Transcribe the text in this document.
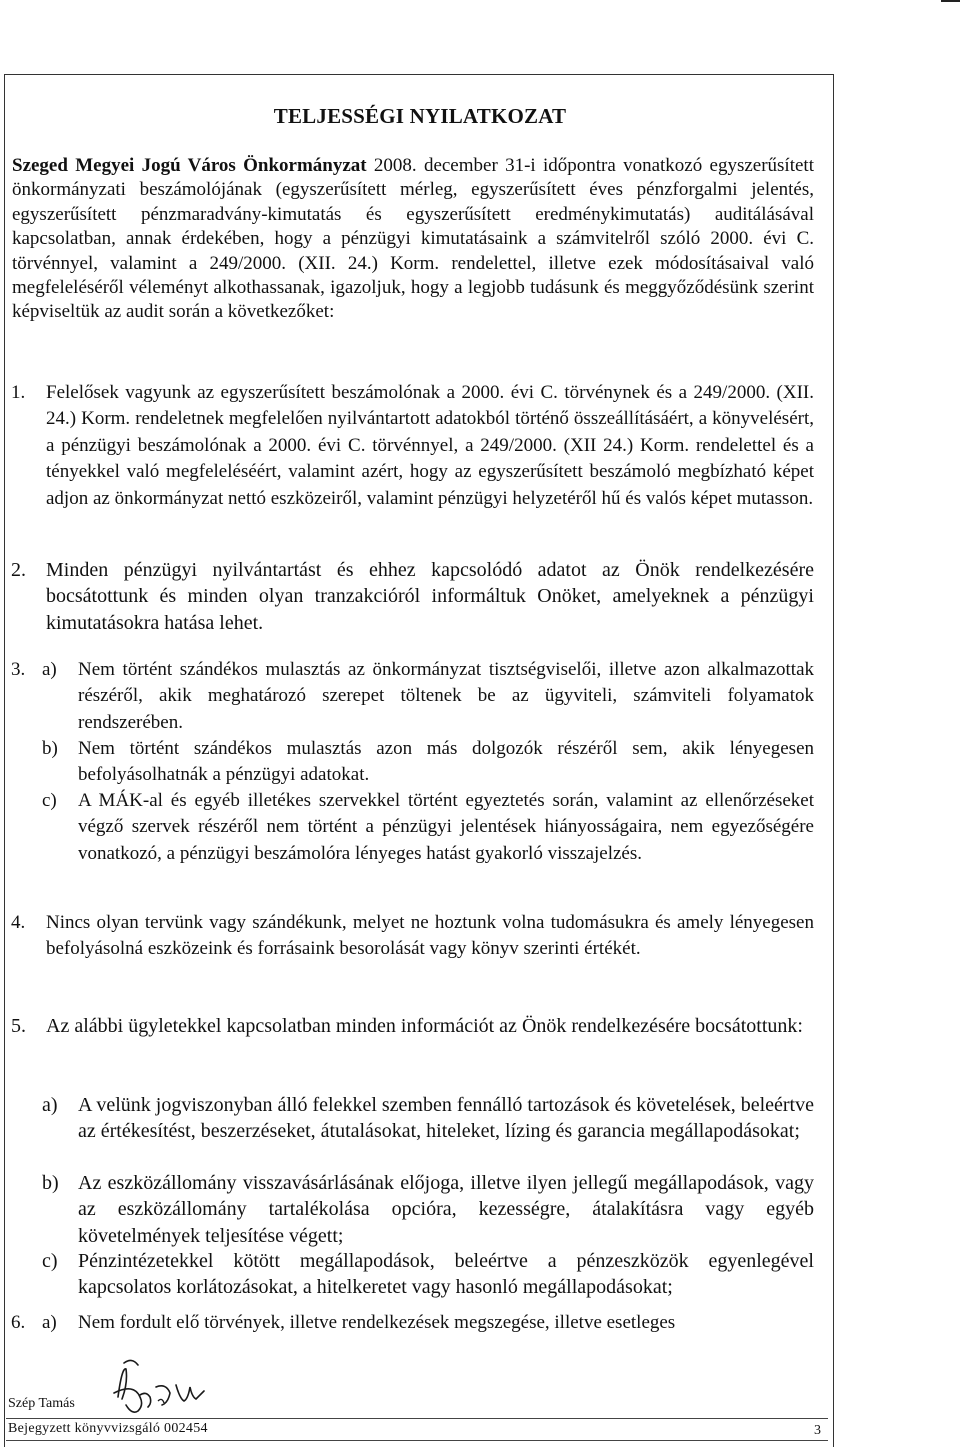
TELJESSÉGI NYILATKOZAT
Szeged Megyei Jogú Város Önkormányzat 2008. december 31-i időpontra vonatkozó egyszerűsített önkormányzati beszámolójának (egyszerűsített mérleg, egyszerűsített éves pénzforgalmi jelentés, egyszerűsített pénzmaradvány-kimutatás és egyszerűsített eredménykimutatás) auditálásával kapcsolatban, annak érdekében, hogy a pénzügyi kimutatásaink a számvitelről szóló 2000. évi C. törvénnyel, valamint a 249/2000. (XII. 24.) Korm. rendelettel, illetve ezek módosításaival való megfeleléséről véleményt alkothassanak, igazoljuk, hogy a legjobb tudásunk és meggyőződésünk szerint képviseltük az audit során a következőket:
1. Felelősek vagyunk az egyszerűsített beszámolónak a 2000. évi C. törvénynek és a 249/2000. (XII. 24.) Korm. rendeletnek megfelelően nyilvántartott adatokból történő összeállításáért, a könyvelésért, a pénzügyi beszámolónak a 2000. évi C. törvénnyel, a 249/2000. (XII 24.) Korm. rendelettel és a tényekkel való megfeleléséért, valamint azért, hogy az egyszerűsített beszámoló megbízható képet adjon az önkormányzat nettó eszközeiről, valamint pénzügyi helyzetéről hű és valós képet mutasson.
2. Minden pénzügyi nyilvántartást és ehhez kapcsolódó adatot az Önök rendelkezésére bocsátottunk és minden olyan tranzakcióról informáltuk Onöket, amelyeknek a pénzügyi kimutatásokra hatása lehet.
3. a) Nem történt szándékos mulasztás az önkormányzat tisztségviselői, illetve azon alkalmazottak részéről, akik meghatározó szerepet töltenek be az ügyviteli, számviteli folyamatok rendszerében.
b) Nem történt szándékos mulasztás azon más dolgozók részéről sem, akik lényegesen befolyásolhatnák a pénzügyi adatokat.
c) A MÁK-al és egyéb illetékes szervekkel történt egyeztetés során, valamint az ellenőrzéseket végző szervek részéről nem történt a pénzügyi jelentések hiányosságaira, nem egyezőségére vonatkozó, a pénzügyi beszámolóra lényeges hatást gyakorló visszajelzés.
4. Nincs olyan tervünk vagy szándékunk, melyet ne hoztunk volna tudomásukra és amely lényegesen befolyásolná eszközeink és forrásaink besorolását vagy könyv szerinti értékét.
5. Az alábbi ügyletekkel kapcsolatban minden információt az Önök rendelkezésére bocsátottunk:
a) A velünk jogviszonyban álló felekkel szemben fennálló tartozások és követelések, beleértve az értékesítést, beszerzéseket, átutalásokat, hiteleket, lízing és garancia megállapodásokat;
b) Az eszközállomány visszavásárlásának előjoga, illetve ilyen jellegű megállapodások, vagy az eszközállomány tartalékolása opcióra, kezességre, átalakításra vagy egyéb követelmények teljesítése végett;
c) Pénzintézetekkel kötött megállapodások, beleértve a pénzeszközök egyenlegével kapcsolatos korlátozásokat, a hitelkeretet vagy hasonló megállapodásokat;
6. a) Nem fordult elő törvények, illetve rendelkezések megszegése, illetve esetleges
Szép Tamás
Bejegyzett könyvvizsgáló 002454	3
